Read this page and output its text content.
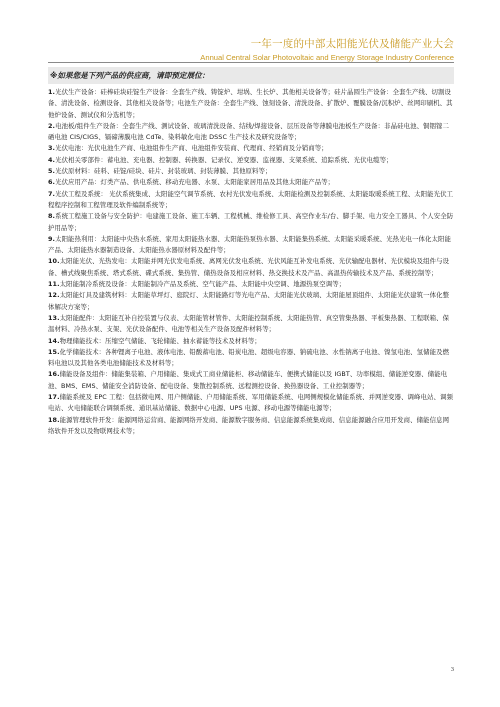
一年一度的中部太阳能光伏及储能产业大会
Annual Central Solar Photovoltaic and Energy Storage Industry Conference
※如果您是下列产品的供应商，请即预定展位：
1.光伏生产设备：硅棒硅块硅锭生产设备：全套生产线、铸锭炉、坩埚、生长炉、其他相关设备等；硅片晶圆生产设备：全套生产线、切割设备、清洗设备、检测设备、其他相关设备等；电池生产设备：全套生产线、蚀刻设备、清洗设备、扩散炉、覆膜设备/沉积炉、丝网印刷机、其他炉设备、测试仪和分选机等；
2.电池板/组件生产设备：全套生产线、测试设备、玻璃清洗设备、结线/焊接设备、层压设备等薄膜电池板生产设备：非晶硅电池、铜铟镓二硒电池 CIS/CIGS、镉碲薄膜电池 CdTe、染料敏化电池 DSSC 生产技术及研究设备等；
3.光伏电池：光伏电池生产商、电池组件生产商、电池组件安装商、代理商、经销商及分销商等；
4.光伏相关零部件：蓄电池、充电器、控制器、转换器、记录仪、逆变器、监视器、支架系统、追踪系统、光伏电缆等；
5.光伏原材料：硅料、硅锭/硅块、硅片、封装玻璃、封装薄膜、其他原料等；
6.光伏应用产品：灯类产品、供电系统、移动充电器、水泵、太阳能家居用品及其他太阳能产品等；
7.光伏工程及系统： 光伏系统集成、太阳能空气调节系统、农村光伏发电系统、太阳能检测及控制系统、太阳能取暖系统工程、太阳能光伏工程程序控制和工程管理及软件编制系统等；
8.系统工程施工设备与安全防护：电建施工设备、施工车辆、工程机械、维检修工具、高空作业车/台、脚手架、电力安全工器具、个人安全防护用品等；
9.太阳能热利用：太阳能中央热水系统、家用太阳能热水器、太阳能热泵热水器、太阳能集热系统、太阳能采暖系统、光热光电一体化太阳能产品、太阳能热水器制造设备、太阳能热水器原材料及配件等；
10.太阳能光伏、光热发电：太阳能并网光伏发电系统、离网光伏发电系统、光伏风能互补发电系统、光伏输配电器材、光伏模块及组件与设备、槽式线聚焦系统、塔式系统、碟式系统、集热管、储热设备及相应材料、热交换技术及产品、高温热传输技术及产品、系统控制等；
11.太阳能制冷系统及设备：太阳能制冷产品及系统、空气能产品、太阳能中央空调、地源热泵空调等；
12.太阳能灯具及建筑材料：太阳能草坪灯、庭院灯、太阳能路灯等光电产品、太阳能光伏玻璃、太阳能屋顶组件、太阳能光伏建筑一体化整体解决方案等；
13.太阳能配件：太阳能互补自控装置与仪表、太阳能管材管件、太阳能控制系统、太阳能热管、真空管集热器、平板集热器、工程联箱、保温材料、冷热水泵、支架、光伏设备配件、电池等相关生产设备及配件材料等；
14.物理储能技术：压缩空气储能、飞轮储能、抽水蓄能等技术及材料等；
15.化学储能技术：各种锂离子电池、液体电池、铅酸蓄电池、铅炭电池、超级电容器、钠硫电池、水性钠离子电池、镍氢电池、氢储能及燃料电池以及其他各类电池储能技术及材料等；
16.储能设备及组件：储能集装箱、户用储能、集成式工商业储能柜、移动储能车、便携式储能以及 IGBT、功率模组、储能逆变器、储能电池、BMS、EMS、储能安全消防设备、配电设备、集散控制系统、远程测控设备、换热器设备、工业控制器等；
17.储能系统及 EPC 工程：包括微电网、用户侧储能、户用储能系统、军用储能系统、电网侧规模化储能系统、并网逆变器、调峰电站、调频电站、火电储能联合调频系统、通讯基站储能、数据中心电源、UPS 电源、移动电源等储能电源等；
18.能源管理软件开发：能源网络运营商、能源网络开发商、能源数字服务商、信息能源系统集成商、信息能源融合应用开发商、储能信息网络软件开发以及物联网技术等；
3
